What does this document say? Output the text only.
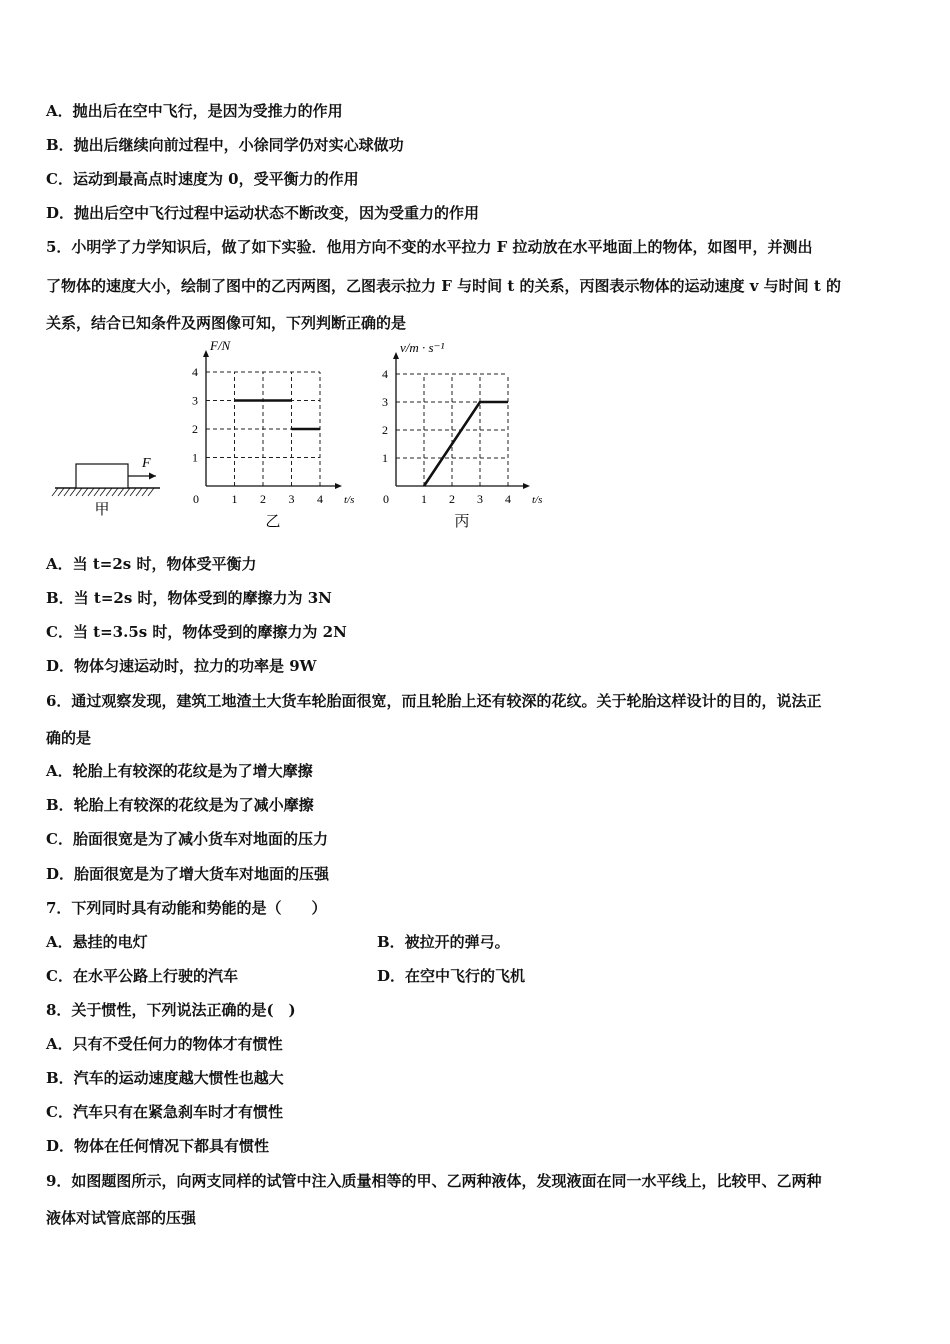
A．抛出后在空中飞行，是因为受推力的作用
B．抛出后继续向前过程中，小徐同学仍对实心球做功
C．运动到最高点时速度为 0，受平衡力的作用
D．抛出后空中飞行过程中运动状态不断改变，因为受重力的作用
5．小明学了力学知识后，做了如下实验．他用方向不变的水平拉力 F 拉动放在水平地面上的物体，如图甲，并测出
了物体的速度大小，绘制了图中的乙丙两图，乙图表示拉力 F 与时间 t 的关系，丙图表示物体的运动速度 v 与时间 t 的
关系，结合已知条件及两图像可知，下列判断正确的是
F
甲
1
2
3
4
1 2 3 4
0	t/s
F/N
乙
1
2
3
4
1 2 3 4
0	t/s
v/m · s⁻¹
丙
A．当 t=2s 时，物体受平衡力
B．当 t=2s 时，物体受到的摩擦力为 3N
C．当 t=3.5s 时，物体受到的摩擦力为 2N
D．物体匀速运动时，拉力的功率是 9W
6．通过观察发现，建筑工地渣土大货车轮胎面很宽，而且轮胎上还有较深的花纹。关于轮胎这样设计的目的，说法正
确的是
A．轮胎上有较深的花纹是为了增大摩擦
B．轮胎上有较深的花纹是为了减小摩擦
C．胎面很宽是为了减小货车对地面的压力
D．胎面很宽是为了增大货车对地面的压强
7．下列同时具有动能和势能的是（　　）
A．悬挂的电灯	B．被拉开的弹弓。
C．在水平公路上行驶的汽车	D．在空中飞行的飞机
8．关于惯性，下列说法正确的是(　)
A．只有不受任何力的物体才有惯性
B．汽车的运动速度越大惯性也越大
C．汽车只有在紧急刹车时才有惯性
D．物体在任何情况下都具有惯性
9．如图题图所示，向两支同样的试管中注入质量相等的甲、乙两种液体，发现液面在同一水平线上，比较甲、乙两种
液体对试管底部的压强
